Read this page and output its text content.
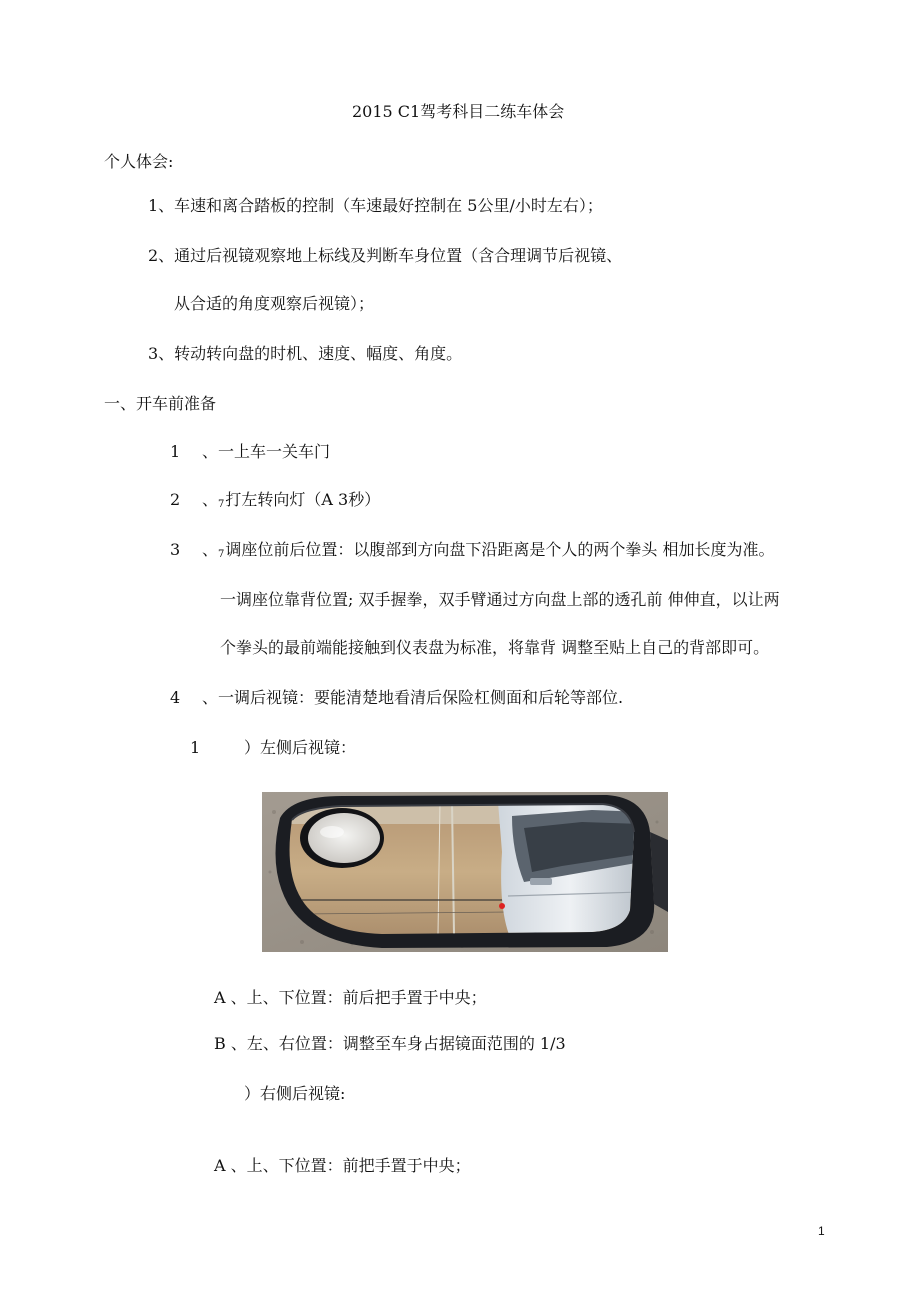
2015 C1驾考科目二练车体会
个人体会:
1、车速和离合踏板的控制（车速最好控制在 5公里/小时左右）；
2、通过后视镜观察地上标线及判断车身位置（含合理调节后视镜、
从合适的角度观察后视镜）；
3、转动转向盘的时机、速度、幅度、角度。
一、开车前准备
1 、一上车一关车门
2 、7打左转向灯（A 3秒）
3 、7调座位前后位置：以腹部到方向盘下沿距离是个人的两个拳头 相加长度为准。
一调座位靠背位置; 双手握拳，双手臂通过方向盘上部的透孔前 伸伸直，以让两
个拳头的最前端能接触到仪表盘为标准，将靠背 调整至贴上自己的背部即可。
4 、一调后视镜：要能清楚地看清后保险杠侧面和后轮等部位.
1	）左侧后视镜：
A 、上、下位置：前后把手置于中央；
B 、左、右位置：调整至车身占据镜面范围的 1/3
）右侧后视镜:
A 、上、下位置：前把手置于中央；
1
